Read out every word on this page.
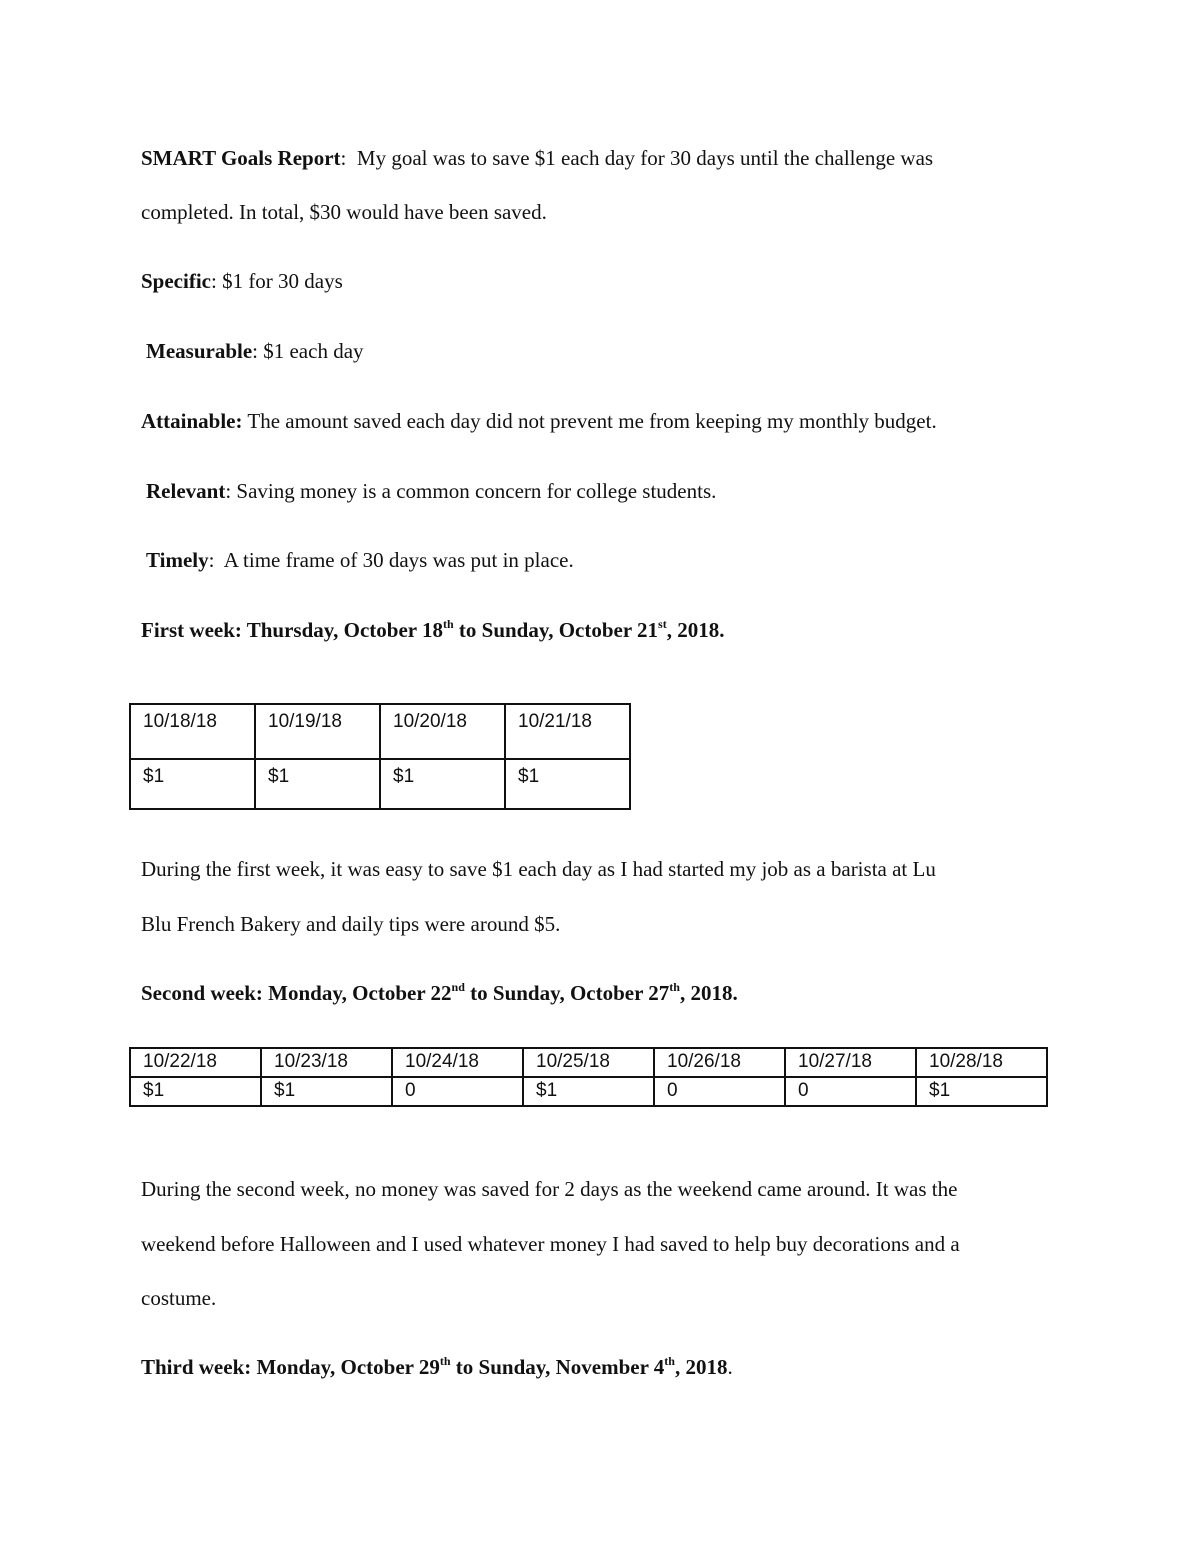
SMART Goals Report:  My goal was to save $1 each day for 30 days until the challenge was
completed. In total, $30 would have been saved.
Specific: $1 for 30 days
Measurable: $1 each day
Attainable: The amount saved each day did not prevent me from keeping my monthly budget.
Relevant: Saving money is a common concern for college students.
Timely:  A time frame of 30 days was put in place.
First week: Thursday, October 18th to Sunday, October 21st, 2018.
10/18/18	10/19/18	10/20/18	10/21/18
$1	$1	$1	$1
During the first week, it was easy to save $1 each day as I had started my job as a barista at Lu
Blu French Bakery and daily tips were around $5.
Second week: Monday, October 22nd to Sunday, October 27th, 2018.
10/22/18	10/23/18	10/24/18	10/25/18	10/26/18	10/27/18	10/28/18
$1	$1	0	$1	0	0	$1
During the second week, no money was saved for 2 days as the weekend came around. It was the
weekend before Halloween and I used whatever money I had saved to help buy decorations and a
costume.
Third week: Monday, October 29th to Sunday, November 4th, 2018.
